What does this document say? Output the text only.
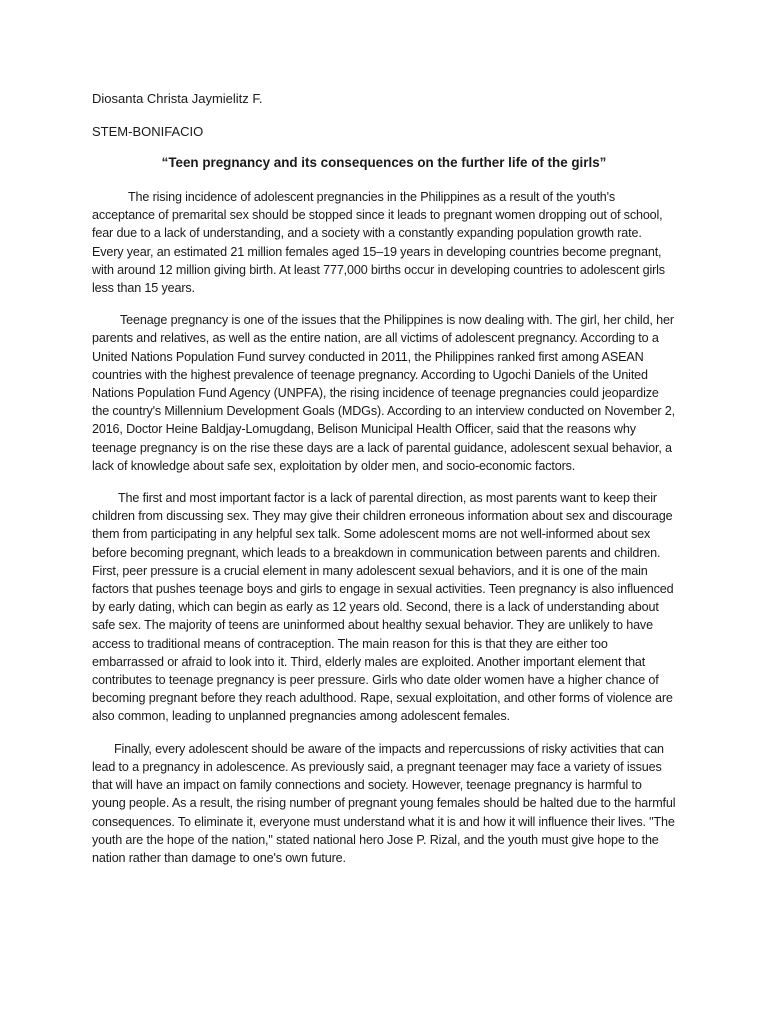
Diosanta Christa Jaymielitz F.
STEM-BONIFACIO
“Teen pregnancy and its consequences on the further life of the girls”

The rising incidence of adolescent pregnancies in the Philippines as a result of the youth's acceptance of premarital sex should be stopped since it leads to pregnant women dropping out of school, fear due to a lack of understanding, and a society with a constantly expanding population growth rate. Every year, an estimated 21 million females aged 15–19 years in developing countries become pregnant, with around 12 million giving birth. At least 777,000 births occur in developing countries to adolescent girls less than 15 years.

Teenage pregnancy is one of the issues that the Philippines is now dealing with. The girl, her child, her parents and relatives, as well as the entire nation, are all victims of adolescent pregnancy. According to a United Nations Population Fund survey conducted in 2011, the Philippines ranked first among ASEAN countries with the highest prevalence of teenage pregnancy. According to Ugochi Daniels of the United Nations Population Fund Agency (UNPFA), the rising incidence of teenage pregnancies could jeopardize the country's Millennium Development Goals (MDGs). According to an interview conducted on November 2, 2016, Doctor Heine Baldjay-Lomugdang, Belison Municipal Health Officer, said that the reasons why teenage pregnancy is on the rise these days are a lack of parental guidance, adolescent sexual behavior, a lack of knowledge about safe sex, exploitation by older men, and socio-economic factors.

The first and most important factor is a lack of parental direction, as most parents want to keep their children from discussing sex. They may give their children erroneous information about sex and discourage them from participating in any helpful sex talk. Some adolescent moms are not well-informed about sex before becoming pregnant, which leads to a breakdown in communication between parents and children. First, peer pressure is a crucial element in many adolescent sexual behaviors, and it is one of the main factors that pushes teenage boys and girls to engage in sexual activities. Teen pregnancy is also influenced by early dating, which can begin as early as 12 years old. Second, there is a lack of understanding about safe sex. The majority of teens are uninformed about healthy sexual behavior. They are unlikely to have access to traditional means of contraception. The main reason for this is that they are either too embarrassed or afraid to look into it. Third, elderly males are exploited. Another important element that contributes to teenage pregnancy is peer pressure. Girls who date older women have a higher chance of becoming pregnant before they reach adulthood. Rape, sexual exploitation, and other forms of violence are also common, leading to unplanned pregnancies among adolescent females.

Finally, every adolescent should be aware of the impacts and repercussions of risky activities that can lead to a pregnancy in adolescence. As previously said, a pregnant teenager may face a variety of issues that will have an impact on family connections and society. However, teenage pregnancy is harmful to young people. As a result, the rising number of pregnant young females should be halted due to the harmful consequences. To eliminate it, everyone must understand what it is and how it will influence their lives. "The youth are the hope of the nation," stated national hero Jose P. Rizal, and the youth must give hope to the nation rather than damage to one's own future.
